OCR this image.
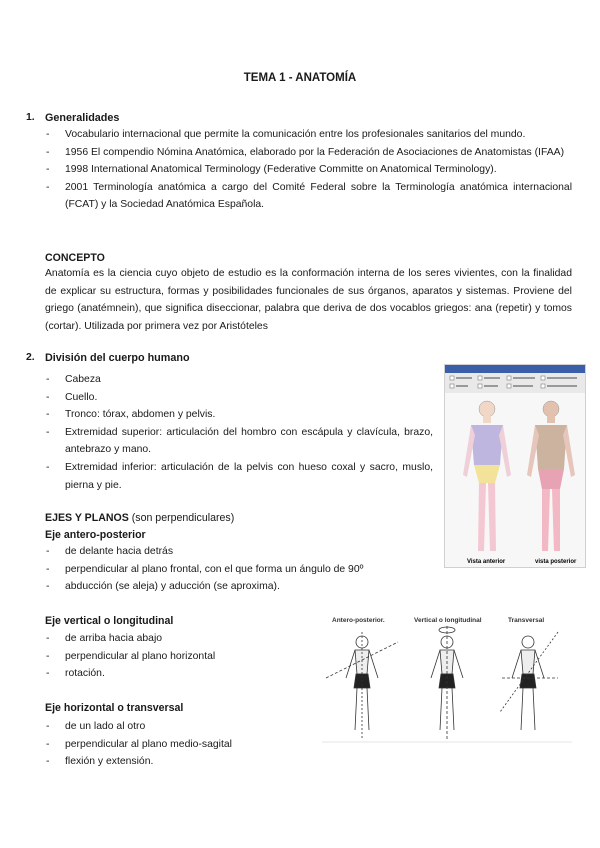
TEMA 1 - ANATOMÍA
1. Generalidades
- Vocabulario internacional que permite la comunicación entre los profesionales sanitarios del mundo.
- 1956 El compendio Nómina Anatómica, elaborado por la Federación de Asociaciones de Anatomistas (IFAA)
- 1998 International Anatomical Terminology (Federative Committe on Anatomical Terminology).
- 2001 Terminología anatómica a cargo del Comité Federal sobre la Terminología anatómica internacional (FCAT) y la Sociedad Anatómica Española.
CONCEPTO
Anatomía es la ciencia cuyo objeto de estudio es la conformación interna de los seres vivientes, con la finalidad de explicar su estructura, formas y posibilidades funcionales de sus órganos, aparatos y sistemas. Proviene del griego (anatémnein), que significa diseccionar, palabra que deriva de dos vocablos griegos: ana (repetir) y tomos (cortar). Utilizada por primera vez por Aristóteles
2. División del cuerpo humano
- Cabeza
- Cuello.
- Tronco: tórax, abdomen y pelvis.
- Extremidad superior: articulación del hombro con escápula y clavícula, brazo, antebrazo y mano.
- Extremidad inferior: articulación de la pelvis con hueso coxal y sacro, muslo, pierna y pie.
Vista anterior	vista posterior
EJES Y PLANOS (son perpendiculares)
Eje antero-posterior
- de delante hacia detrás
- perpendicular al plano frontal, con el que forma un ángulo de 90º
- abducción (se aleja) y aducción (se aproxima).
Eje vertical o longitudinal
- de arriba hacia abajo
- perpendicular al plano horizontal
- rotación.
Eje horizontal o transversal
- de un lado al otro
- perpendicular al plano medio-sagital
- flexión y extensión.
Antero-posterior.	Vertical o longitudinal	Transversal
